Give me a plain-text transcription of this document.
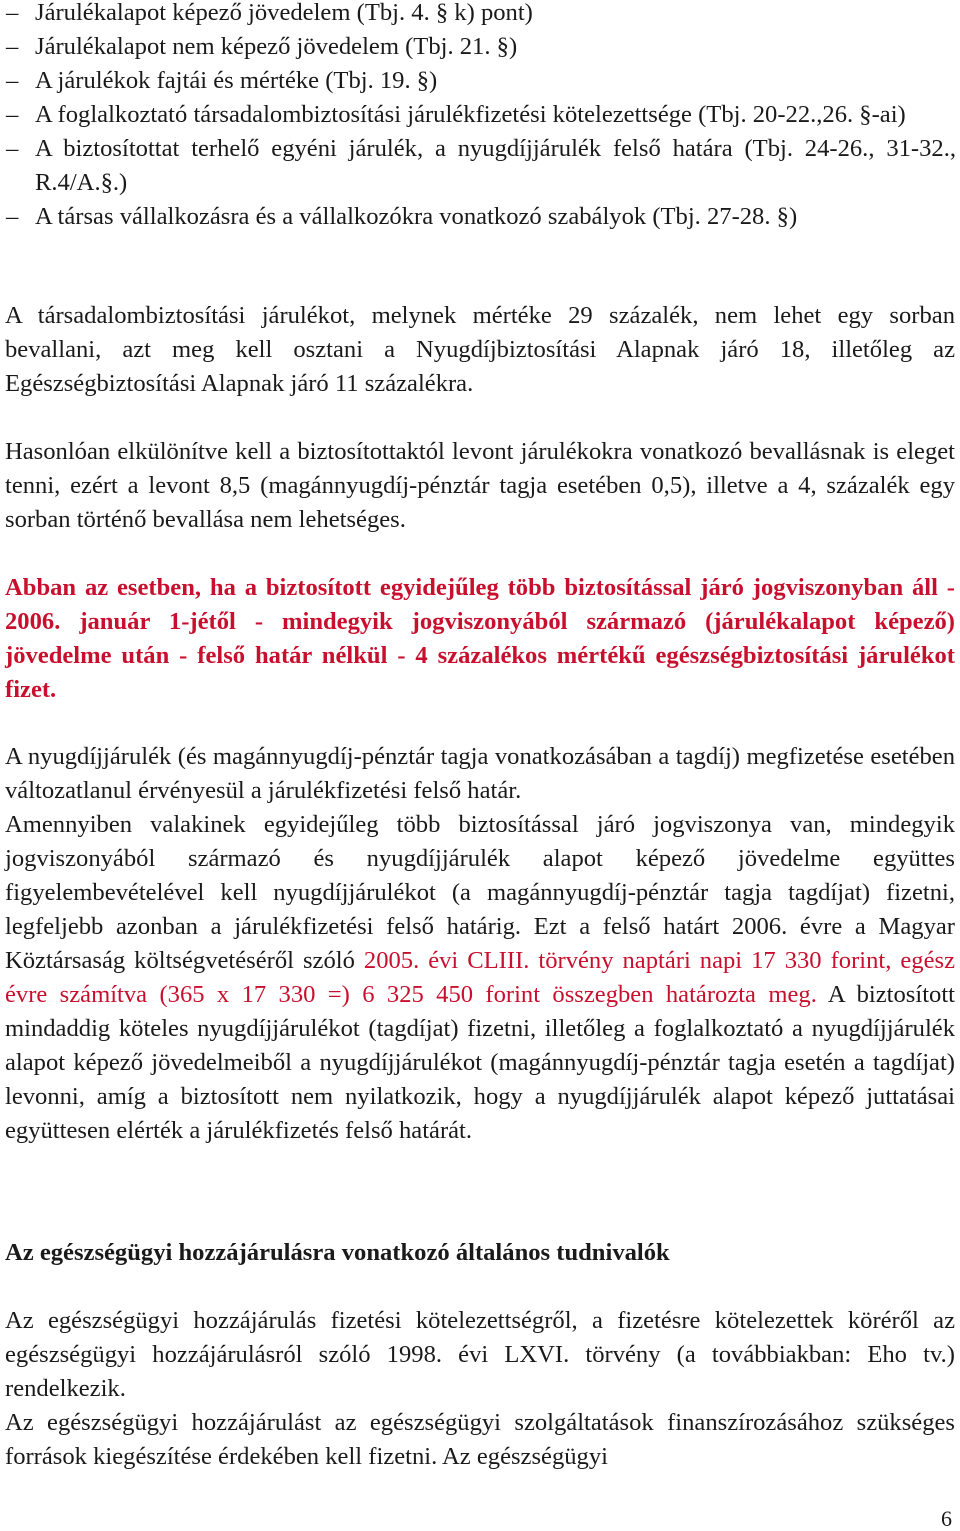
– Járulékalapot képező jövedelem (Tbj. 4. § k) pont)
– Járulékalapot nem képező jövedelem (Tbj. 21. §)
– A járulékok fajtái és mértéke (Tbj. 19. §)
– A foglalkoztató társadalombiztosítási járulékfizetési kötelezettsége (Tbj. 20-22.,26. §-ai)
– A biztosítottat terhelő egyéni járulék, a nyugdíjjárulék felső határa (Tbj. 24-26., 31-32., R.4/A.§.)
– A társas vállalkozásra és a vállalkozókra vonatkozó szabályok (Tbj. 27-28. §)

A társadalombiztosítási járulékot, melynek mértéke 29 százalék, nem lehet egy sorban bevallani, azt meg kell osztani a Nyugdíjbiztosítási Alapnak járó 18, illetőleg az Egészségbiztosítási Alapnak járó 11 százalékra.

Hasonlóan elkülönítve kell a biztosítottaktól levont járulékokra vonatkozó bevallásnak is eleget tenni, ezért a levont 8,5 (magánnyugdíj-pénztár tagja esetében 0,5), illetve a 4, százalék egy sorban történő bevallása nem lehetséges.

Abban az esetben, ha a biztosított egyidejűleg több biztosítással járó jogviszonyban áll - 2006. január 1-jétől - mindegyik jogviszonyából származó (járulékalapot képező) jövedelme után - felső határ nélkül - 4 százalékos mértékű egészségbiztosítási járulékot fizet.

A nyugdíjjárulék (és magánnyugdíj-pénztár tagja vonatkozásában a tagdíj) megfizetése esetében változatlanul érvényesül a járulékfizetési felső határ.

Amennyiben valakinek egyidejűleg több biztosítással járó jogviszonya van, mindegyik jogviszonyából származó és nyugdíjjárulék alapot képező jövedelme együttes figyelembevételével kell nyugdíjjárulékot (a magánnyugdíj-pénztár tagja tagdíjat) fizetni, legfeljebb azonban a járulékfizetési felső határig. Ezt a felső határt 2006. évre a Magyar Köztársaság költségvetéséről szóló 2005. évi CLIII. törvény naptári napi 17 330 forint, egész évre számítva (365 x 17 330 =) 6 325 450 forint összegben határozta meg. A biztosított mindaddig köteles nyugdíjjárulékot (tagdíjat) fizetni, illetőleg a foglalkoztató a nyugdíjjárulék alapot képező jövedelmeiből a nyugdíjjárulékot (magánnyugdíj-pénztár tagja esetén a tagdíjat) levonni, amíg a biztosított nem nyilatkozik, hogy a nyugdíjjárulék alapot képező juttatásai együttesen elérték a járulékfizetés felső határát.

Az egészségügyi hozzájárulásra vonatkozó általános tudnivalók

Az egészségügyi hozzájárulás fizetési kötelezettségről, a fizetésre kötelezettek köréről az egészségügyi hozzájárulásról szóló 1998. évi LXVI. törvény (a továbbiakban: Eho tv.) rendelkezik.

Az egészségügyi hozzájárulást az egészségügyi szolgáltatások finanszírozásához szükséges források kiegészítése érdekében kell fizetni. Az egészségügyi

6
